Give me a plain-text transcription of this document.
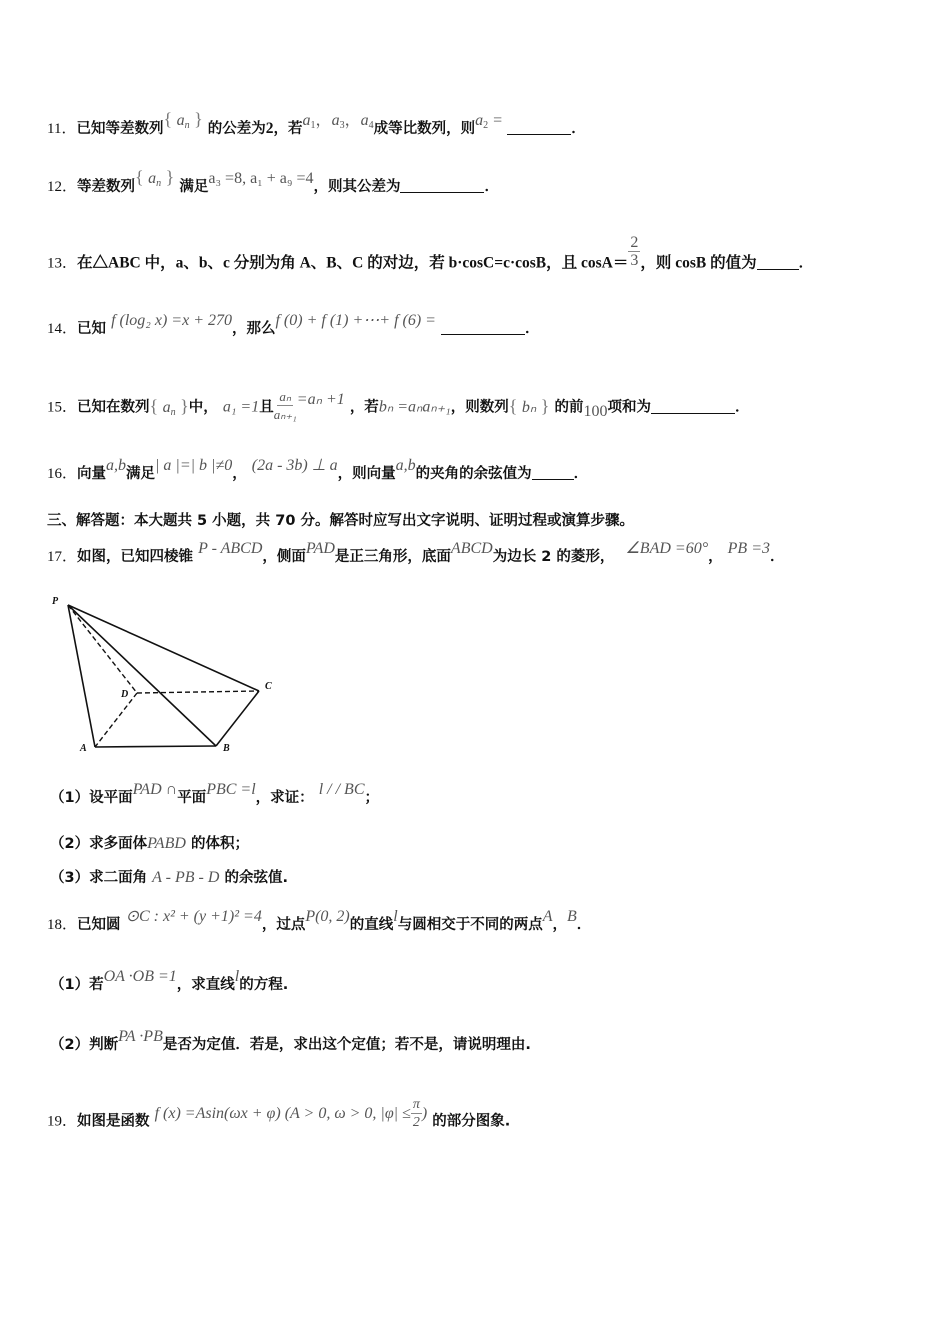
11．已知等差数列{ $a_n$ } 的公差为2，若$a_1$，$a_3$，$a_4$成等比数列，则$a_2$ =	．
12．等差数列{ $a_n$ } 满足a₃ =8, a₁ + a₉ =4，则其公差为	．
13．在△ABC 中，a、b、c 分别为角 A、B、C 的对边，若 b·cosC=c·cosB，且 $\cos A= \frac{2}{3}$ ，则 cosB 的值为	．
14．已知 f (log₂ x) =x + 270，那么f (0) + f (1) +⋯+ f (6) =	．
15．已知在数列{ $a_n$ }中， a₁ =1且 $\frac{\text{aₙ}}{\text{aₙ₊₁}} =a_n +1$ ，若bₙ =aₙaₙ₊₁，则数列{ bₙ } 的前100项和为	．
16．向量a,b满足| a |=| b |≠0， (2a - 3b) ⊥ a，则向量a,b的夹角的余弦值为	．
三、解答题：本大题共 5 小题，共 70 分。解答时应写出文字说明、证明过程或演算步骤。
17．如图，已知四棱锥 P - ABCD，侧面PAD是正三角形，底面ABCD为边长 2 的菱形， ∠BAD =60°， PB =3．
P
D
C
A	B
（1）设平面PAD ∩平面PBC =l，求证： l / / BC；
（2）求多面体PABD 的体积；
（3）求二面角 A - PB - D 的余弦值.
18．已知圆 ⊙C : x² + (y +1)² =4，过点P(0, 2)的直线l与圆相交于不同的两点A，B．
（1）若OA ·OB =1，求直线l的方程.
（2）判断PA ·PB是否为定值．若是，求出这个定值；若不是，请说明理由.
19．如图是函数 f (x) =Asin(ωx + φ) (A > 0, ω > 0, $|\varphi| \le \frac{\pi}{2}$ ) 的部分图象.
